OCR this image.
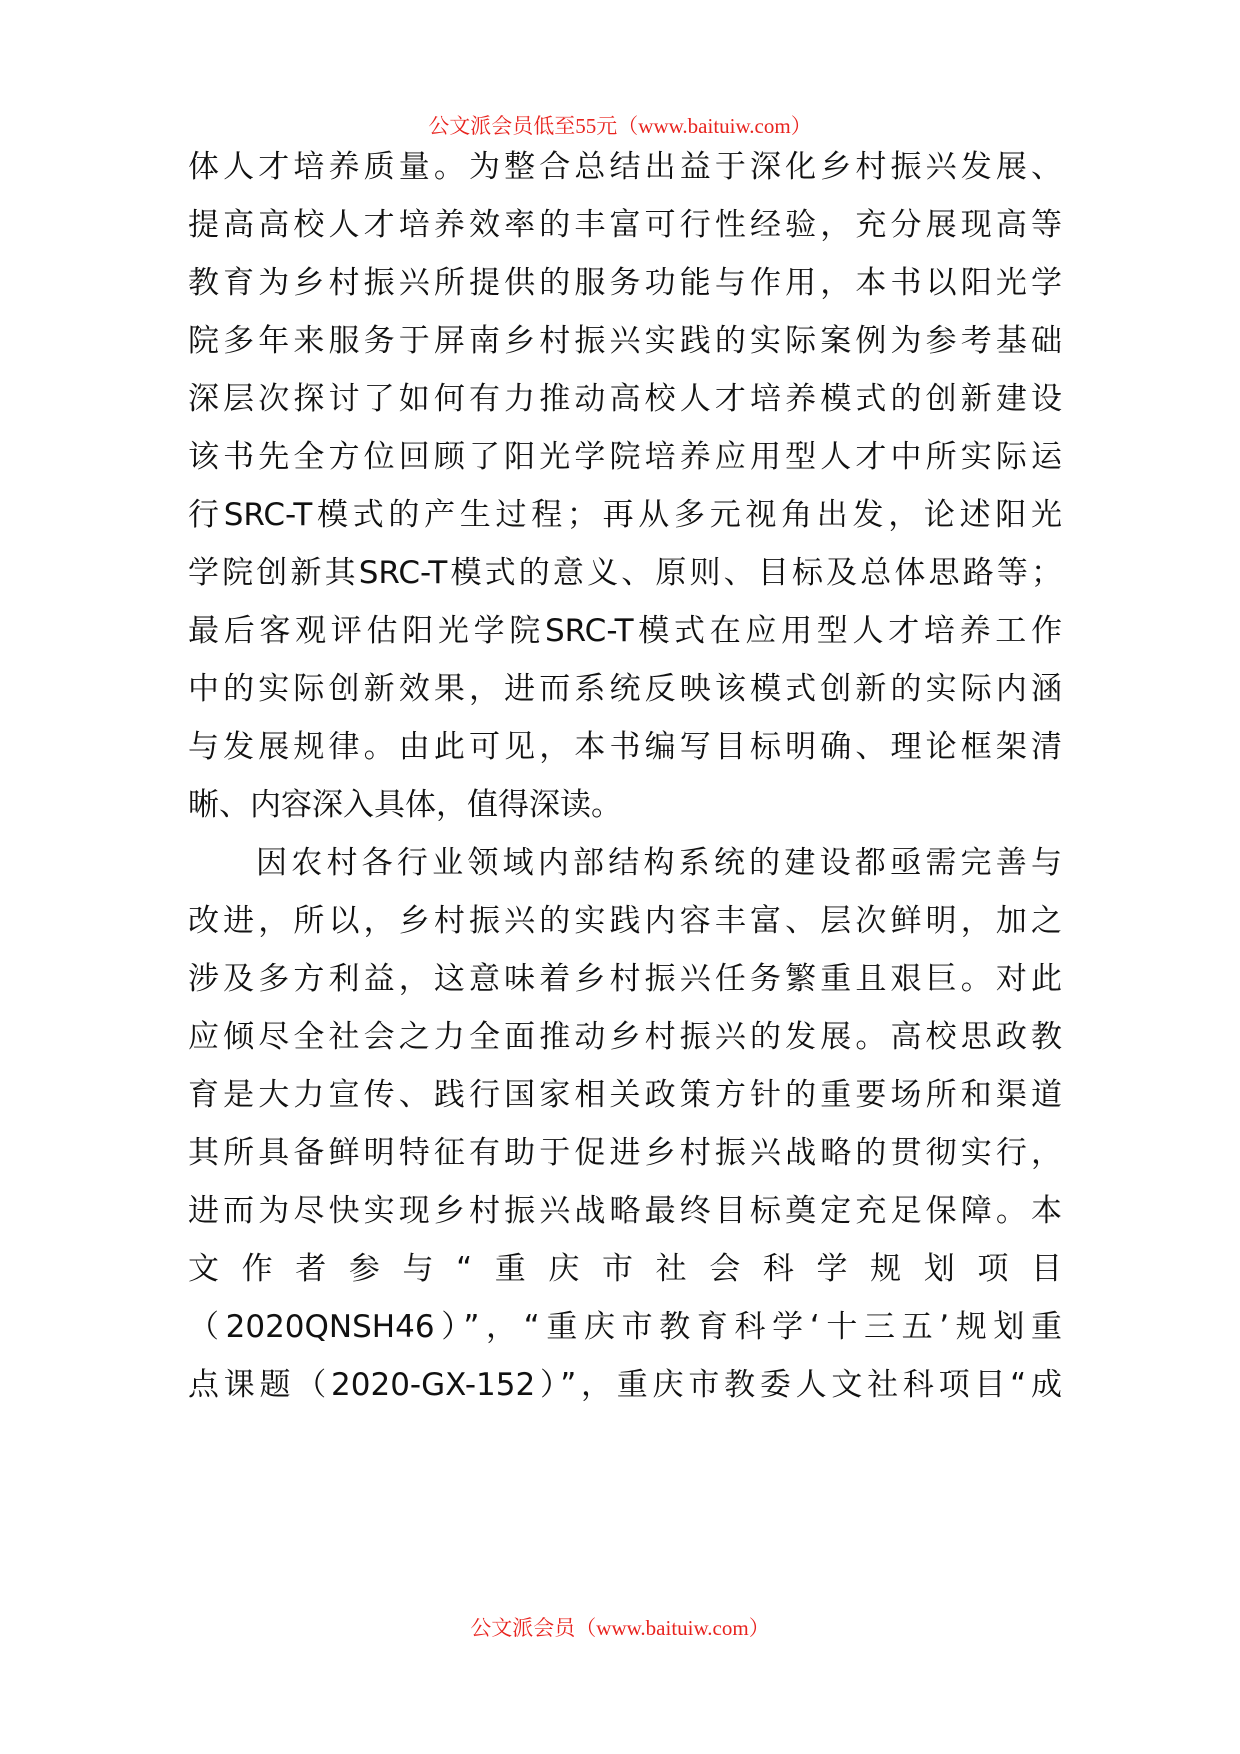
公文派会员低至55元（www.baituiw.com）
体人才培养质量。为整合总结出益于深化乡村振兴发展、
提高高校人才培养效率的丰富可行性经验，充分展现高等
教育为乡村振兴所提供的服务功能与作用，本书以阳光学
院多年来服务于屏南乡村振兴实践的实际案例为参考基础
深层次探讨了如何有力推动高校人才培养模式的创新建设
该书先全方位回顾了阳光学院培养应用型人才中所实际运
行SRC-T模式的产生过程；再从多元视角出发，论述阳光
学院创新其SRC-T模式的意义、原则、目标及总体思路等；
最后客观评估阳光学院SRC-T模式在应用型人才培养工作
中的实际创新效果，进而系统反映该模式创新的实际内涵
与发展规律。由此可见，本书编写目标明确、理论框架清
晰、内容深入具体，值得深读。
因农村各行业领域内部结构系统的建设都亟需完善与
改进，所以，乡村振兴的实践内容丰富、层次鲜明，加之
涉及多方利益，这意味着乡村振兴任务繁重且艰巨。对此
应倾尽全社会之力全面推动乡村振兴的发展。高校思政教
育是大力宣传、践行国家相关政策方针的重要场所和渠道
其所具备鲜明特征有助于促进乡村振兴战略的贯彻实行，
进而为尽快实现乡村振兴战略最终目标奠定充足保障。本
文作者参与“重庆市社会科学规划项目
（2020QNSH46）”，“重庆市教育科学‘十三五’规划重
点课题（2020-GX-152）”，重庆市教委人文社科项目“成
公文派会员（www.baituiw.com）
